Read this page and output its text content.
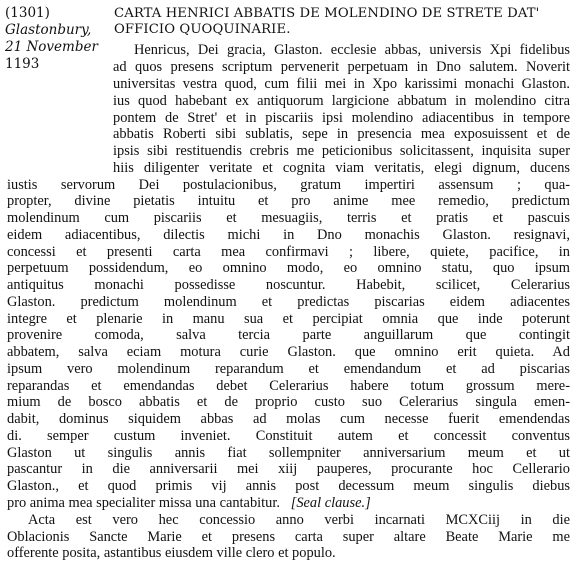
(1301)
Glastonbury,
21 November
1193
CARTA HENRICI ABBATIS DE MOLENDINO DE STRETE DAT'
OFFICIO QUOQUINARIE.
Henricus, Dei gracia, Glaston. ecclesie abbas, universis Xpi fidelibus
ad quos presens scriptum pervenerit perpetuam in Dno salutem. Noverit
universitas vestra quod, cum filii mei in Xpo karissimi monachi Glaston.
ius quod habebant ex antiquorum largicione abbatum in molendino citra
pontem de Stret' et in piscariis ipsi molendino adiacentibus in tempore
abbatis Roberti sibi sublatis, sepe in presencia mea exposuissent et de
ipsis sibi restituendis crebris me peticionibus solicitassent, inquisita super
hiis diligenter veritate et cognita viam veritatis, elegi dignum, ducens
iustis servorum Dei postulacionibus, gratum impertiri assensum ; qua-
propter, divine pietatis intuitu et pro anime mee remedio, predictum
molendinum cum piscariis et mesuagiis, terris et pratis et pascuis
eidem adiacentibus, dilectis michi in Dno monachis Glaston. resignavi,
concessi et presenti carta mea confirmavi ; libere, quiete, pacifice, in
perpetuum possidendum, eo omnino modo, eo omnino statu, quo ipsum
antiquitus monachi possedisse noscuntur. Habebit, scilicet, Celerarius
Glaston. predictum molendinum et predictas piscarias eidem adiacentes
integre et plenarie in manu sua et percipiat omnia que inde poterunt
provenire comoda, salva tercia parte anguillarum que contingit
abbatem, salva eciam motura curie Glaston. que omnino erit quieta. Ad
ipsum vero molendinum reparandum et emendandum et ad piscarias
reparandas et emendandas debet Celerarius habere totum grossum mere-
mium de bosco abbatis et de proprio custo suo Celerarius singula emen-
dabit, dominus siquidem abbas ad molas cum necesse fuerit emendendas
di. semper custum inveniet. Constituit autem et concessit conventus
Glaston ut singulis annis fiat sollempniter anniversarium meum et ut
pascantur in die anniversarii mei xiij pauperes, procurante hoc Cellerario
Glaston., et quod primis vij annis post decessum meum singulis diebus
pro anima mea specialiter missa una cantabitur. [Seal clause.]
Acta est vero hec concessio anno verbi incarnati MCXCiij in die
Oblacionis Sancte Marie et presens carta super altare Beate Marie me
offerente posita, astantibus eiusdem ville clero et populo.
